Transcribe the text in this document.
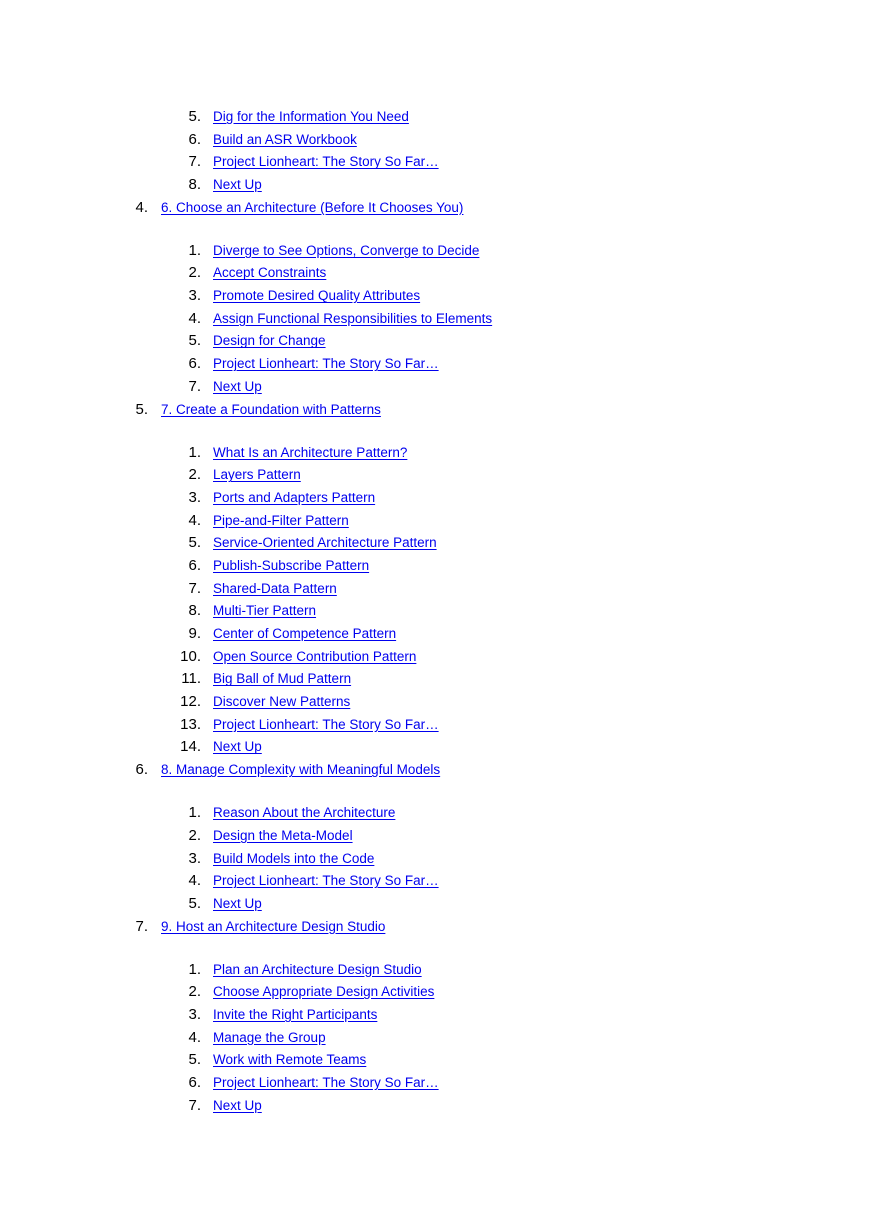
5. Dig for the Information You Need
6. Build an ASR Workbook
7. Project Lionheart: The Story So Far…
8. Next Up
4. 6. Choose an Architecture (Before It Chooses You)
1. Diverge to See Options, Converge to Decide
2. Accept Constraints
3. Promote Desired Quality Attributes
4. Assign Functional Responsibilities to Elements
5. Design for Change
6. Project Lionheart: The Story So Far…
7. Next Up
5. 7. Create a Foundation with Patterns
1. What Is an Architecture Pattern?
2. Layers Pattern
3. Ports and Adapters Pattern
4. Pipe-and-Filter Pattern
5. Service-Oriented Architecture Pattern
6. Publish-Subscribe Pattern
7. Shared-Data Pattern
8. Multi-Tier Pattern
9. Center of Competence Pattern
10. Open Source Contribution Pattern
11. Big Ball of Mud Pattern
12. Discover New Patterns
13. Project Lionheart: The Story So Far…
14. Next Up
6. 8. Manage Complexity with Meaningful Models
1. Reason About the Architecture
2. Design the Meta-Model
3. Build Models into the Code
4. Project Lionheart: The Story So Far…
5. Next Up
7. 9. Host an Architecture Design Studio
1. Plan an Architecture Design Studio
2. Choose Appropriate Design Activities
3. Invite the Right Participants
4. Manage the Group
5. Work with Remote Teams
6. Project Lionheart: The Story So Far…
7. Next Up
